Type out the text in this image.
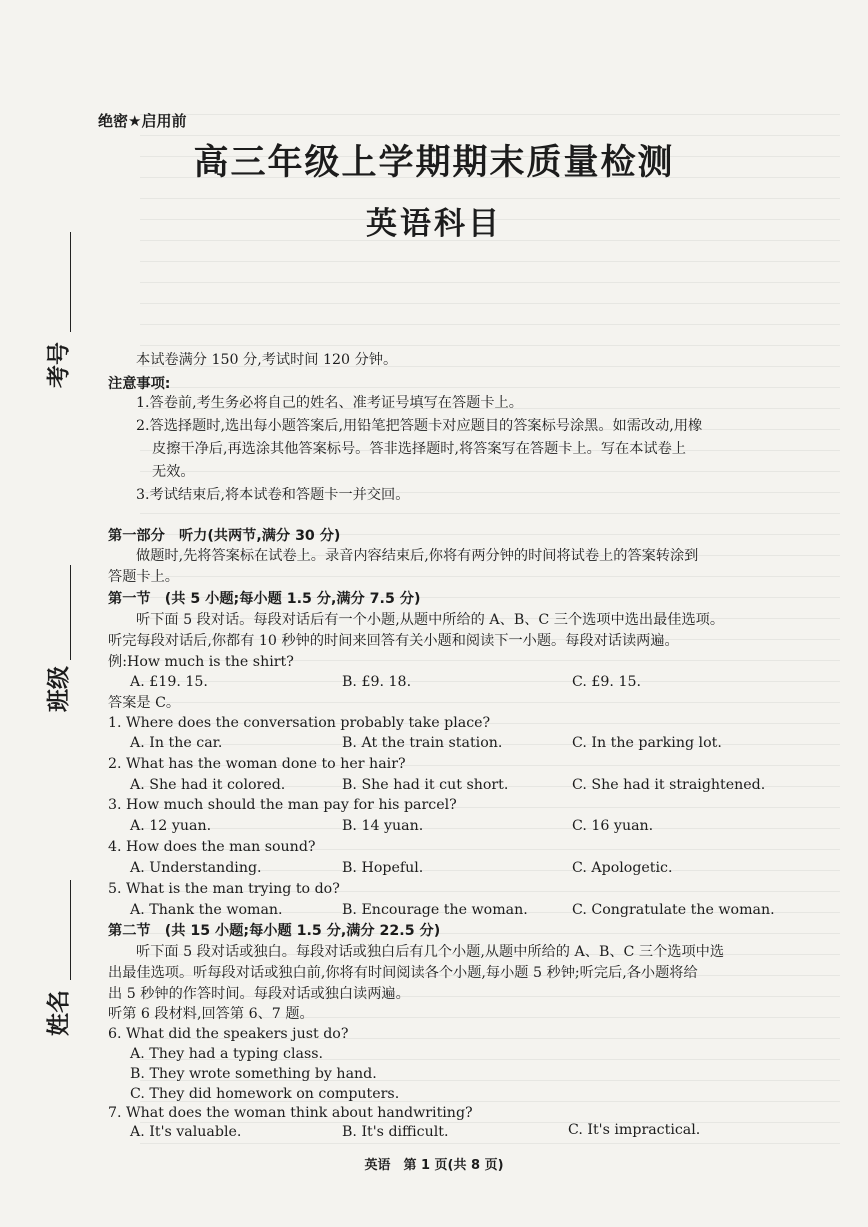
绝密★启用前
高三年级上学期期末质量检测
英语科目
考号
班级
姓名
本试卷满分 150 分,考试时间 120 分钟。
注意事项:
1.答卷前,考生务必将自己的姓名、准考证号填写在答题卡上。
2.答选择题时,选出每小题答案后,用铅笔把答题卡对应题目的答案标号涂黑。如需改动,用橡
皮擦干净后,再选涂其他答案标号。答非选择题时,将答案写在答题卡上。写在本试卷上
无效。
3.考试结束后,将本试卷和答题卡一并交回。
第一部分　听力(共两节,满分 30 分)
做题时,先将答案标在试卷上。录音内容结束后,你将有两分钟的时间将试卷上的答案转涂到
答题卡上。
第一节　(共 5 小题;每小题 1.5 分,满分 7.5 分)
听下面 5 段对话。每段对话后有一个小题,从题中所给的 A、B、C 三个选项中选出最佳选项。
听完每段对话后,你都有 10 秒钟的时间来回答有关小题和阅读下一小题。每段对话读两遍。
例:How much is the shirt?
A. £19. 15.	B. £9. 18.	C. £9. 15.
答案是 C。
1. Where does the conversation probably take place?
A. In the car.	B. At the train station.	C. In the parking lot.
2. What has the woman done to her hair?
A. She had it colored.	B. She had it cut short.	C. She had it straightened.
3. How much should the man pay for his parcel?
A. 12 yuan.	B. 14 yuan.	C. 16 yuan.
4. How does the man sound?
A. Understanding.	B. Hopeful.	C. Apologetic.
5. What is the man trying to do?
A. Thank the woman.	B. Encourage the woman.	C. Congratulate the woman.
第二节　(共 15 小题;每小题 1.5 分,满分 22.5 分)
听下面 5 段对话或独白。每段对话或独白后有几个小题,从题中所给的 A、B、C 三个选项中选
出最佳选项。听每段对话或独白前,你将有时间阅读各个小题,每小题 5 秒钟;听完后,各小题将给
出 5 秒钟的作答时间。每段对话或独白读两遍。
听第 6 段材料,回答第 6、7 题。
6. What did the speakers just do?
A. They had a typing class.
B. They wrote something by hand.
C. They did homework on computers.
7. What does the woman think about handwriting?
A. It's valuable.	B. It's difficult.	C. It's impractical.
英语　第 1 页(共 8 页)
